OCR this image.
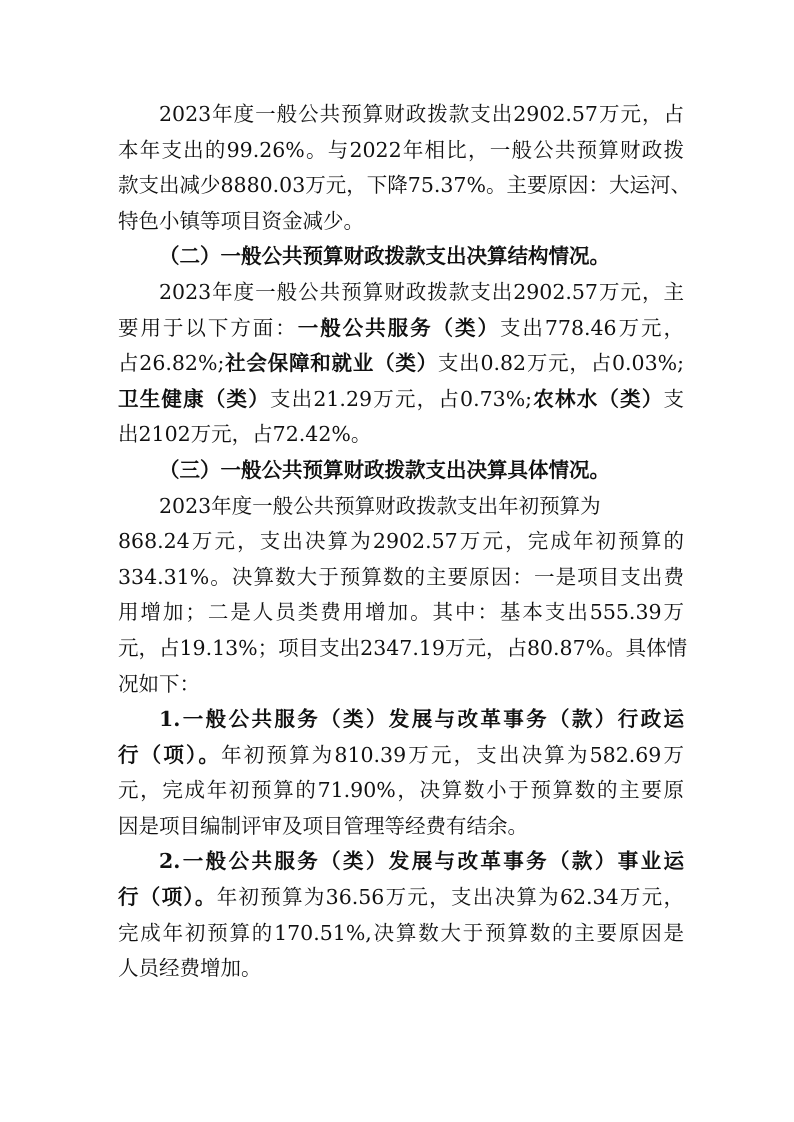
2023年度一般公共预算财政拨款支出2902.57万元，占
本年支出的99.26%。与2022年相比，一般公共预算财政拨
款支出减少8880.03万元，下降75.37%。主要原因：大运河、
特色小镇等项目资金减少。
（二）一般公共预算财政拨款支出决算结构情况。
2023年度一般公共预算财政拨款支出2902.57万元，主
要用于以下方面：一般公共服务（类）支出778.46万元，
占26.82%;社会保障和就业（类）支出0.82万元，占0.03%;
卫生健康（类）支出21.29万元，占0.73%;农林水（类）支
出2102万元，占72.42%。
（三）一般公共预算财政拨款支出决算具体情况。
2023年度一般公共预算财政拨款支出年初预算为
868.24万元，支出决算为2902.57万元，完成年初预算的
334.31%。决算数大于预算数的主要原因：一是项目支出费
用增加；二是人员类费用增加。其中：基本支出555.39万
元，占19.13%；项目支出2347.19万元，占80.87%。具体情
况如下：
1.一般公共服务（类）发展与改革事务（款）行政运
行（项）。年初预算为810.39万元，支出决算为582.69万
元，完成年初预算的71.90%，决算数小于预算数的主要原
因是项目编制评审及项目管理等经费有结余。
2.一般公共服务（类）发展与改革事务（款）事业运
行（项）。年初预算为36.56万元，支出决算为62.34万元，
完成年初预算的170.51%,决算数大于预算数的主要原因是
人员经费增加。
